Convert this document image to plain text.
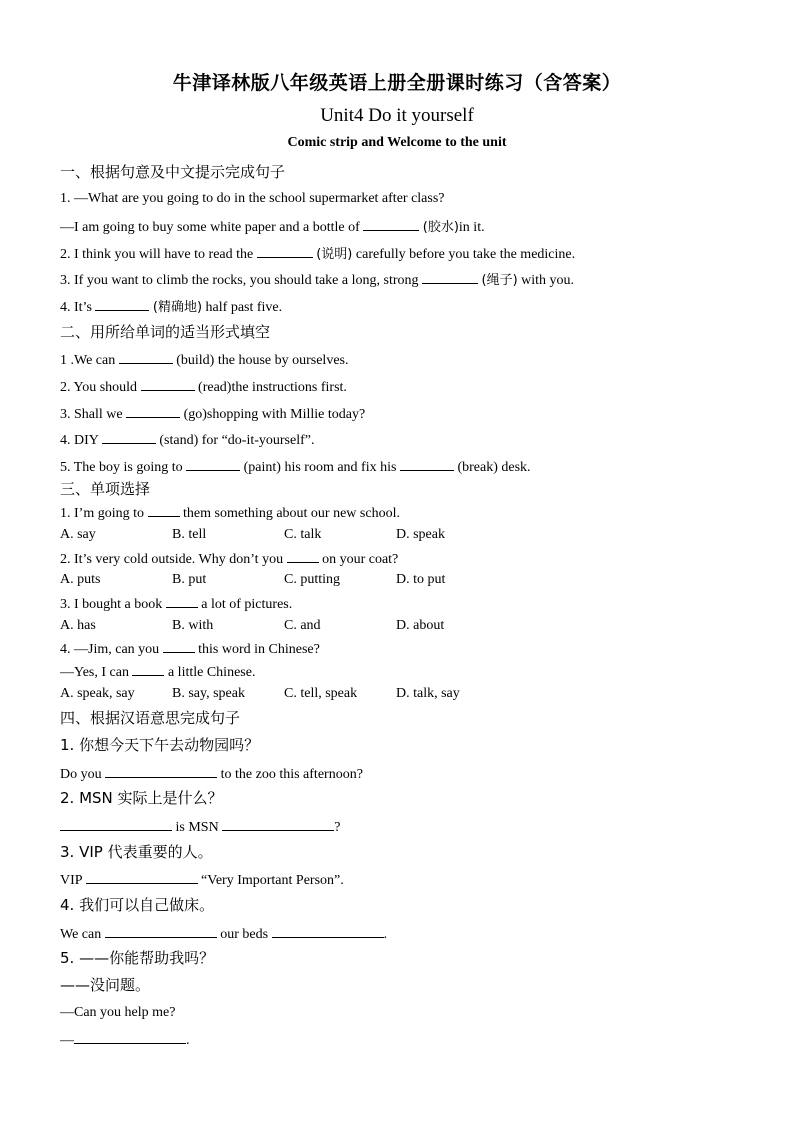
牛津译林版八年级英语上册全册课时练习（含答案）
Unit4 Do it yourself
Comic strip and Welcome to the unit
一、根据句意及中文提示完成句子
1. —What are you going to do in the school supermarket after class?
—I am going to buy some white paper and a bottle of	(胶水)in it.
2. I think you will have to read the	(说明) carefully before you take the medicine.
3. If you want to climb the rocks, you should take a long, strong	(绳子) with you.
4. It’s	(精确地) half past five.
二、用所给单词的适当形式填空
1 .We can	(build) the house by ourselves.
2. You should	(read)the instructions first.
3. Shall we	(go)shopping with Millie today?
4. DIY	(stand) for “do-it-yourself”.
5. The boy is going to	(paint) his room and fix his	(break) desk.
三、单项选择
1. I’m going to	them something about our new school.
A. say	B. tell	C. talk	D. speak
2. It’s very cold outside. Why don’t you	on your coat?
A. puts	B. put	C. putting	D. to put
3. I bought a book	a lot of pictures.
A. has	B. with	C. and	D. about
4. —Jim, can you	this word in Chinese?
—Yes, I can	a little Chinese.
A. speak, say	B. say, speak	C. tell, speak	D. talk, say
四、根据汉语意思完成句子
1. 你想今天下午去动物园吗？
Do you	to the zoo this afternoon?
2. MSN 实际上是什么？
is MSN	?
3. VIP 代表重要的人。
VIP	“Very Important Person”.
4. 我们可以自己做床。
We can	our beds	.
5. ——你能帮助我吗？
——没问题。
—Can you help me?
—	.
